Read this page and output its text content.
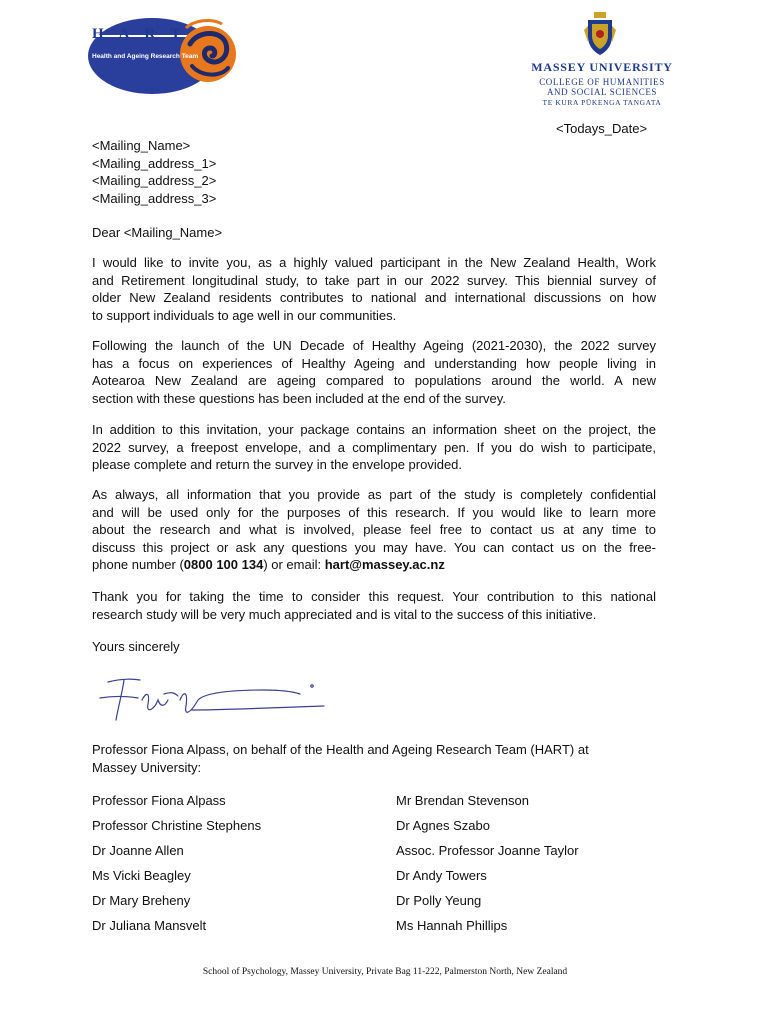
H A R T
Health and Ageing Research Team
MASSEY UNIVERSITY
COLLEGE OF HUMANITIES
AND SOCIAL SCIENCES
TE KURA PŪKENGA TANGATA
<Todays_Date>
<Mailing_Name>
<Mailing_address_1>
<Mailing_address_2>
<Mailing_address_3>
Dear <Mailing_Name>
I would like to invite you, as a highly valued participant in the New Zealand Health, Work
and Retirement longitudinal study, to take part in our 2022 survey. This biennial survey of
older New Zealand residents contributes to national and international discussions on how
to support individuals to age well in our communities.
Following the launch of the UN Decade of Healthy Ageing (2021-2030), the 2022 survey
has a focus on experiences of Healthy Ageing and understanding how people living in
Aotearoa New Zealand are ageing compared to populations around the world. A new
section with these questions has been included at the end of the survey.
In addition to this invitation, your package contains an information sheet on the project, the
2022 survey, a freepost envelope, and a complimentary pen. If you do wish to participate,
please complete and return the survey in the envelope provided.
As always, all information that you provide as part of the study is completely confidential
and will be used only for the purposes of this research. If you would like to learn more
about the research and what is involved, please feel free to contact us at any time to
discuss this project or ask any questions you may have. You can contact us on the free-
phone number (0800 100 134) or email: hart@massey.ac.nz
Thank you for taking the time to consider this request. Your contribution to this national
research study will be very much appreciated and is vital to the success of this initiative.
Yours sincerely
Professor Fiona Alpass, on behalf of the Health and Ageing Research Team (HART) at
Massey University:
Professor Fiona Alpass	Mr Brendan Stevenson
Professor Christine Stephens	Dr Agnes Szabo
Dr Joanne Allen	Assoc. Professor Joanne Taylor
Ms Vicki Beagley	Dr Andy Towers
Dr Mary Breheny	Dr Polly Yeung
Dr Juliana Mansvelt	Ms Hannah Phillips
School of Psychology, Massey University, Private Bag 11-222, Palmerston North, New Zealand
